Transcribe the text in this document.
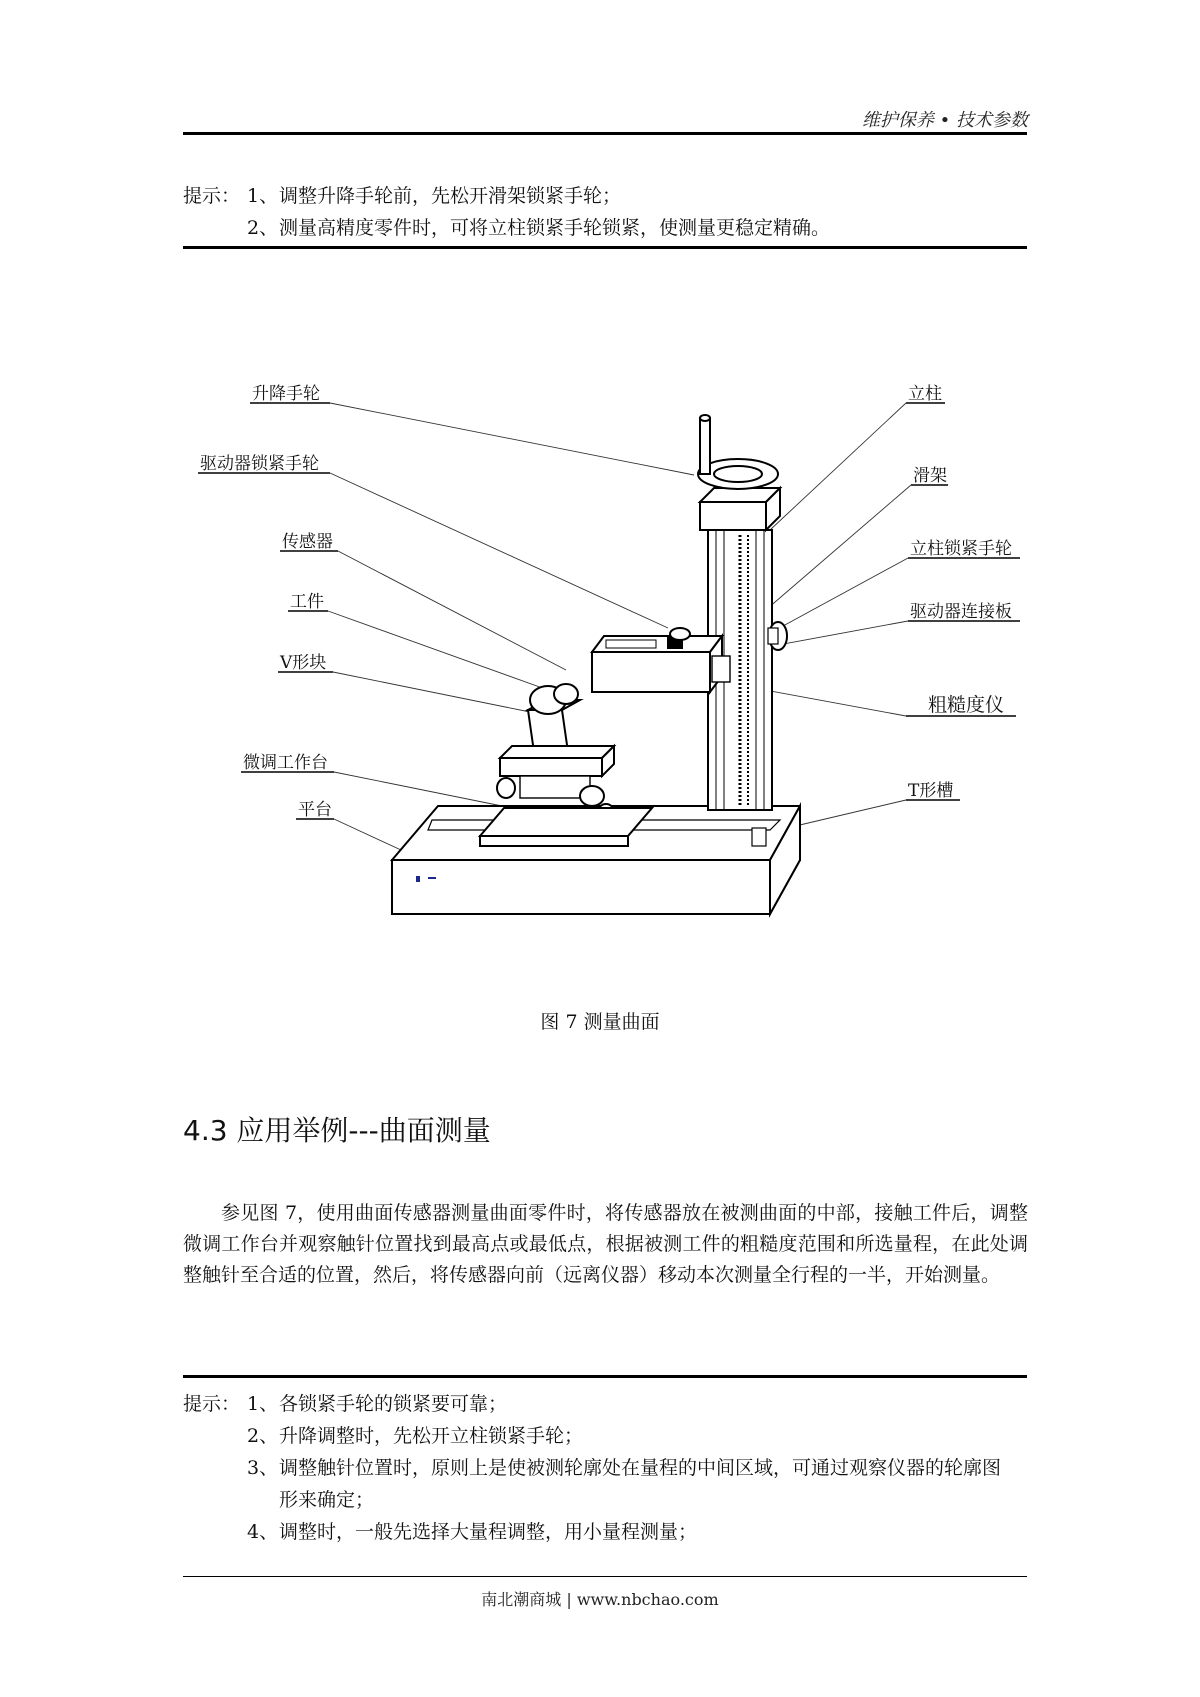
维护保养 • 技术参数
提示： 1、 调整升降手轮前，先松开滑架锁紧手轮；
2、 测量高精度零件时，可将立柱锁紧手轮锁紧，使测量更稳定精确。
升降手轮
驱动器锁紧手轮
传感器
工件
V形块
微调工作台
平台
立柱
滑架
立柱锁紧手轮
驱动器连接板
粗糙度仪
T形槽
图 7 测量曲面
4.3 应用举例---曲面测量
参见图 7，使用曲面传感器测量曲面零件时，将传感器放在被测曲面的中部，接触工件后，调整微调工作台并观察触针位置找到最高点或最低点，根据被测工件的粗糙度范围和所选量程，在此处调整触针至合适的位置，然后，将传感器向前（远离仪器）移动本次测量全行程的一半，开始测量。
提示： 1、 各锁紧手轮的锁紧要可靠；
2、 升降调整时，先松开立柱锁紧手轮；
3、 调整触针位置时，原则上是使被测轮廓处在量程的中间区域，可通过观察仪器的轮廓图形来确定；
4、 调整时，一般先选择大量程调整，用小量程测量；
南北潮商城 | www.nbchao.com
